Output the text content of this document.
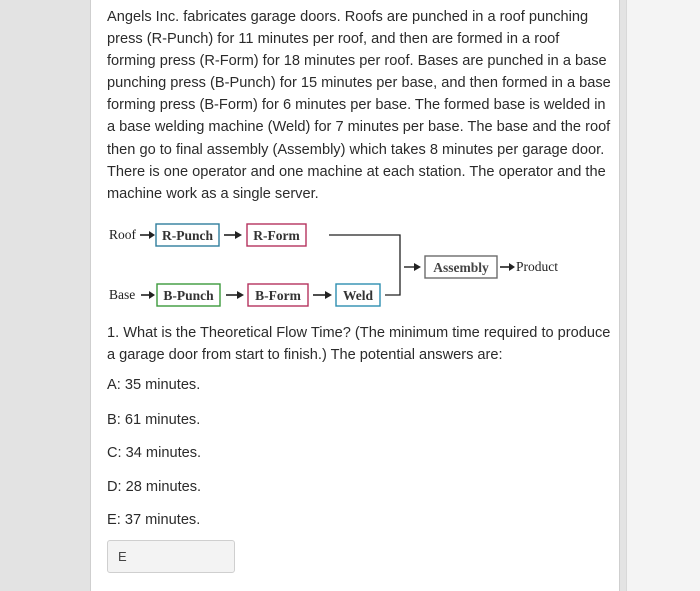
Angels Inc. fabricates garage doors. Roofs are punched in a roof punching press (R-Punch) for 11 minutes per roof, and then are formed in a roof forming press (R-Form) for 18 minutes per roof. Bases are punched in a base punching press (B-Punch) for 15 minutes per base, and then formed in a base forming press (B-Form) for 6 minutes per base. The formed base is welded in a base welding machine (Weld) for 7 minutes per base. The base and the roof then go to final assembly (Assembly) which takes 8 minutes per garage door. There is one operator and one machine at each station. The operator and the machine work as a single server.

Roof R-Punch	R-Form
Assembly Product
Base B-Punch	B-Form	Weld

1. What is the Theoretical Flow Time? (The minimum time required to produce a garage door from start to finish.) The potential answers are:

A: 35 minutes.

B: 61 minutes.

C: 34 minutes.

D: 28 minutes.

E: 37 minutes.

E
